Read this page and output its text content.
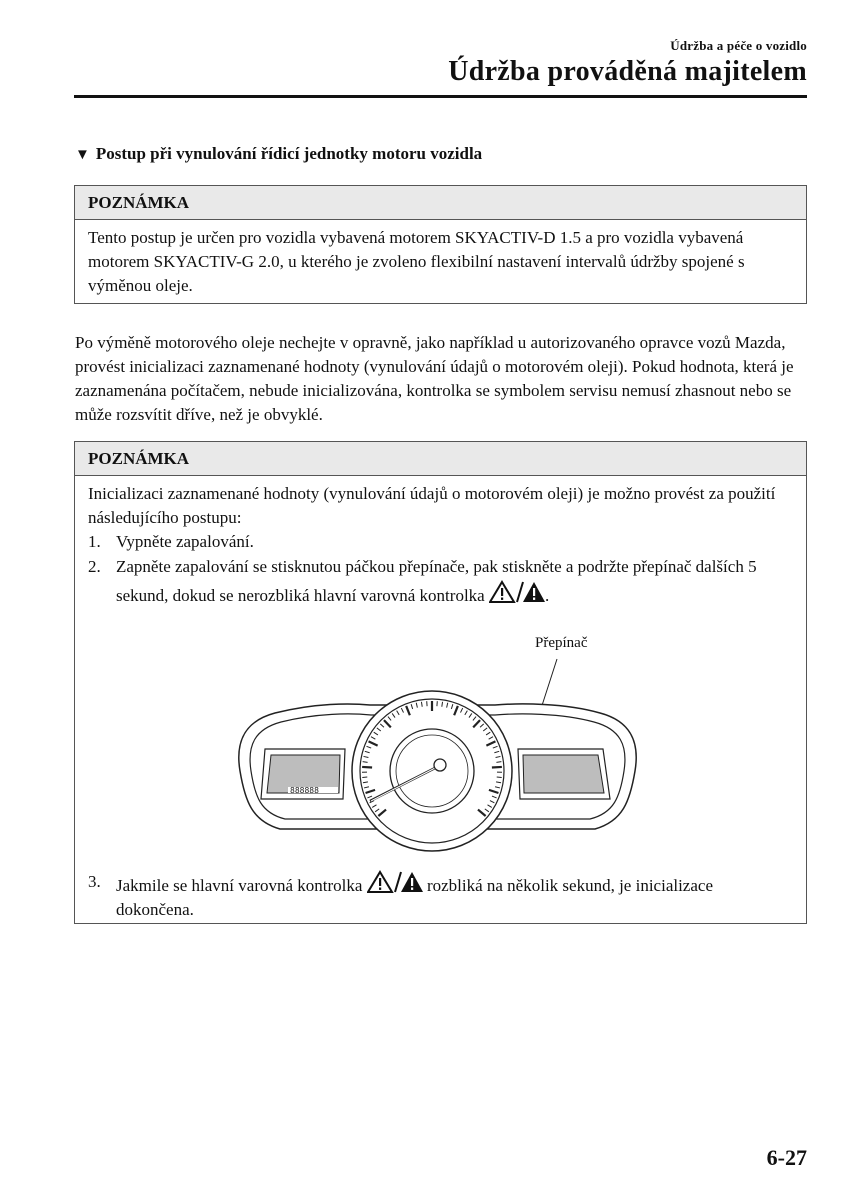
Údržba a péče o vozidlo
Údržba prováděná majitelem
▼ Postup při vynulování řídicí jednotky motoru vozidla
POZNÁMKA
Tento postup je určen pro vozidla vybavená motorem SKYACTIV-D 1.5 a pro vozidla vybavená motorem SKYACTIV-G 2.0, u kterého je zvoleno flexibilní nastavení intervalů údržby spojené s výměnou oleje.
Po výměně motorového oleje nechejte v opravně, jako například u autorizovaného opravce vozů Mazda, provést inicializaci zaznamenané hodnoty (vynulování údajů o motorovém oleji). Pokud hodnota, která je zaznamenána počítačem, nebude inicializována, kontrolka se symbolem servisu nemusí zhasnout nebo se může rozsvítit dříve, než je obvyklé.
POZNÁMKA
Inicializaci zaznamenané hodnoty (vynulování údajů o motorovém oleji) je možno provést za použití následujícího postupu:
1. Vypněte zapalování.
2. Zapněte zapalování se stisknutou páčkou přepínače, pak stiskněte a podržte přepínač dalších 5 sekund, dokud se nerozbliká hlavní varovná kontrolka	.
Přepínač
888888
3. Jakmile se hlavní varovná kontrolka	rozbliká na několik sekund, je inicializace dokončena.
6-27
